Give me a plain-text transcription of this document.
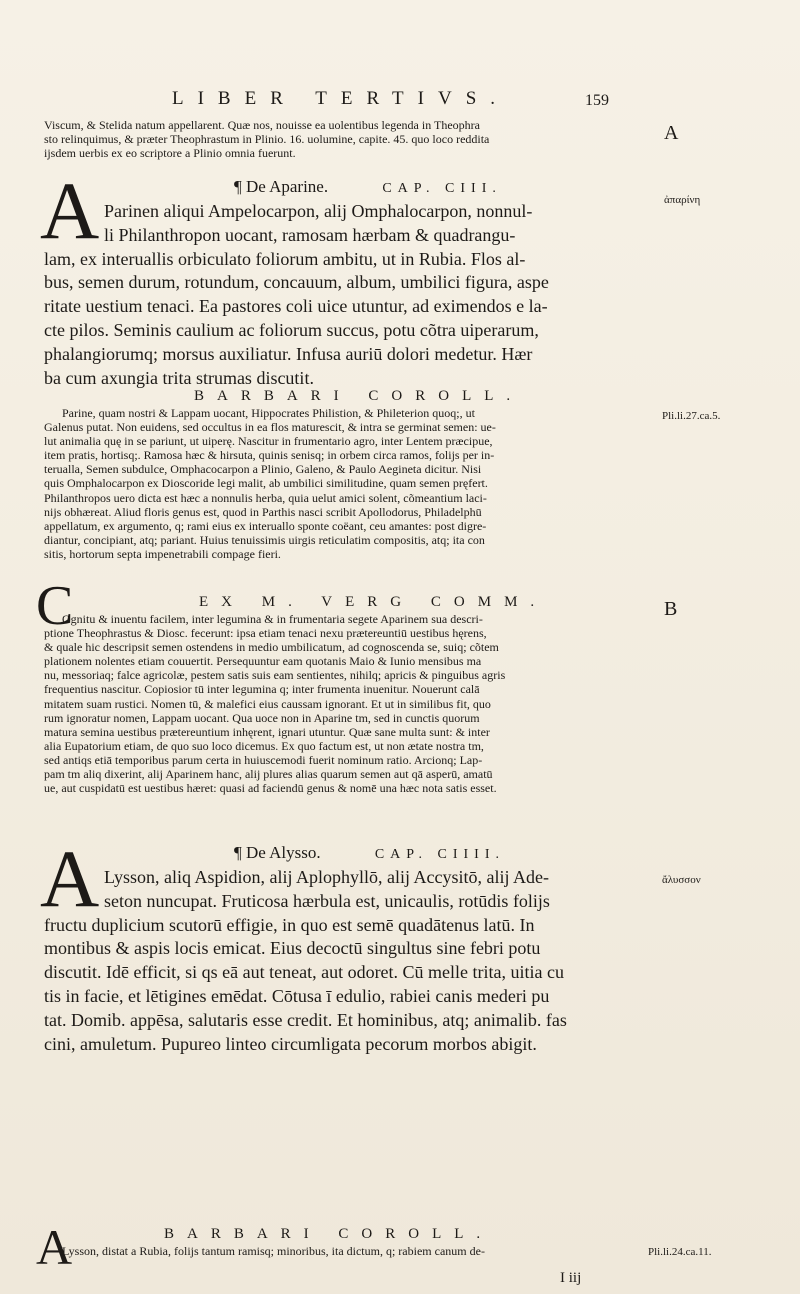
LIBER TERTIVS.	159
Viscum, & Stelida natum appellarent. Quæ nos, nouisse ea uolentibus legenda in Theophra
sto relinquimus, & præter Theophrastum in Plinio. 16. uolumine, capite. 45. quo loco reddita
ijsdem uerbis ex eo scriptore a Plinio omnia fuerunt.
A	¶ De Aparine.	CAP. CIII.
Parinen aliqui Ampelocarpon, alij Omphalocarpon, nonnul-
li Philanthropon uocant, ramosam hærbam & quadrangu-
lam, ex interuallis orbiculato foliorum ambitu, ut in Rubia. Flos al-
bus, semen durum, rotundum, concauum, album, umbilici figura, aspe
ritate uestium tenaci. Ea pastores coli uice utuntur, ad eximendos e la-
cte pilos. Seminis caulium ac foliorum succus, potu cõtra uiperarum,
phalangiorumq; morsus auxiliatur. Infusa auriū dolori medetur. Hær
ba cum axungia trita strumas discutit.
BARBARI COROLL.
Parine, quam nostri & Lappam uocant, Hippocrates Philistion, & Phileterion quoq;, ut
Galenus putat. Non euidens, sed occultus in ea flos maturescit, & intra se germinat semen: ue-
lut animalia quę in se pariunt, ut uiperę. Nascitur in frumentario agro, inter Lentem præcipue,
item pratis, hortisq;. Ramosa hæc & hirsuta, quinis senisq; in orbem circa ramos, folijs per in-
terualla, Semen subdulce, Omphacocarpon a Plinio, Galeno, & Paulo Aegineta dicitur. Nisi
quis Omphalocarpon ex Dioscoride legi malit, ab umbilici similitudine, quam semen pręfert.
Philanthropos uero dicta est hæc a nonnulis herba, quia uelut amici solent, cõmeantium laci-
nijs obhæreat. Aliud floris genus est, quod in Parthis nasci scribit Apollodorus, Philadelphū
appellatum, ex argumento, q; rami eius ex interuallo sponte coëant, ceu amantes: post digre-
diantur, concipiant, atq; pariant. Huius tenuissimis uirgis reticulatim compositis, atq; ita con
sitis, hortorum septa impenetrabili compage fieri.
C	EX M. VERG COMM.
Ognitu & inuentu facilem, inter legumina & in frumentaria segete Aparinem sua descri-
ptione Theophrastus & Diosc. fecerunt: ipsa etiam tenaci nexu prætereuntiū uestibus hęrens,
& quale hic descripsit semen ostendens in medio umbilicatum, ad cognoscenda se, suiq; cõtem
plationem nolentes etiam couuertit. Persequuntur eam quotanis Maio & Iunio mensibus ma
nu, messoriaq; falce agricolæ, pestem satis suis eam sentientes, nihilq; apricis & pinguibus agris
frequentius nascitur. Copiosior tū inter legumina q; inter frumenta inuenitur. Nouerunt calā
mitatem suam rustici. Nomen tū, & malefici eius caussam ignorant. Et ut in similibus fit, quo
rum ignoratur nomen, Lappam uocant. Qua uoce non in Aparine tm, sed in cunctis quorum
matura semina uestibus prætereuntium inhęrent, ignari utuntur. Quæ sane multa sunt: & inter
alia Eupatorium etiam, de quo suo loco dicemus. Ex quo factum est, ut non ætate nostra tm,
sed antiqs etiā temporibus parum certa in huiuscemodi fuerit nominum ratio. Arcionq; Lap-
pam tm aliq dixerint, alij Aparinem hanc, alij plures alias quarum semen aut qā asperū, amatū
ue, aut cuspidatū est uestibus hæret: quasi ad faciendū genus & nomē una hæc nota satis esset.
A	¶ De Alysso.	CAP. CIIII.
Lysson, aliq Aspidion, alij Aplophyllō, alij Accysitō, alij Ade-
seton nuncupat. Fruticosa hærbula est, unicaulis, rotūdis folijs
fructu duplicium scutorū effigie, in quo est semē quadātenus latū. In
montibus & aspis locis emicat. Eius decoctū singultus sine febri potu
discutit. Idē efficit, si qs eā aut teneat, aut odoret. Cū melle trita, uitia cu
tis in facie, et lētigines emēdat. Cōtusa ī edulio, rabiei canis mederi pu
tat. Domib. appēsa, salutaris esse credit. Et hominibus, atq; animalib. fas
cini, amuletum. Pupureo linteo circumligata pecorum morbos abigit.
A	BARBARI COROLL.
Lysson, distat a Rubia, folijs tantum ramisq; minoribus, ita dictum, q; rabiem canum de-
I iij
A
ἀπαρίνη
Pli.li.27.ca.5.
B
ἄλυσσον
Pli.li.24.ca.11.
